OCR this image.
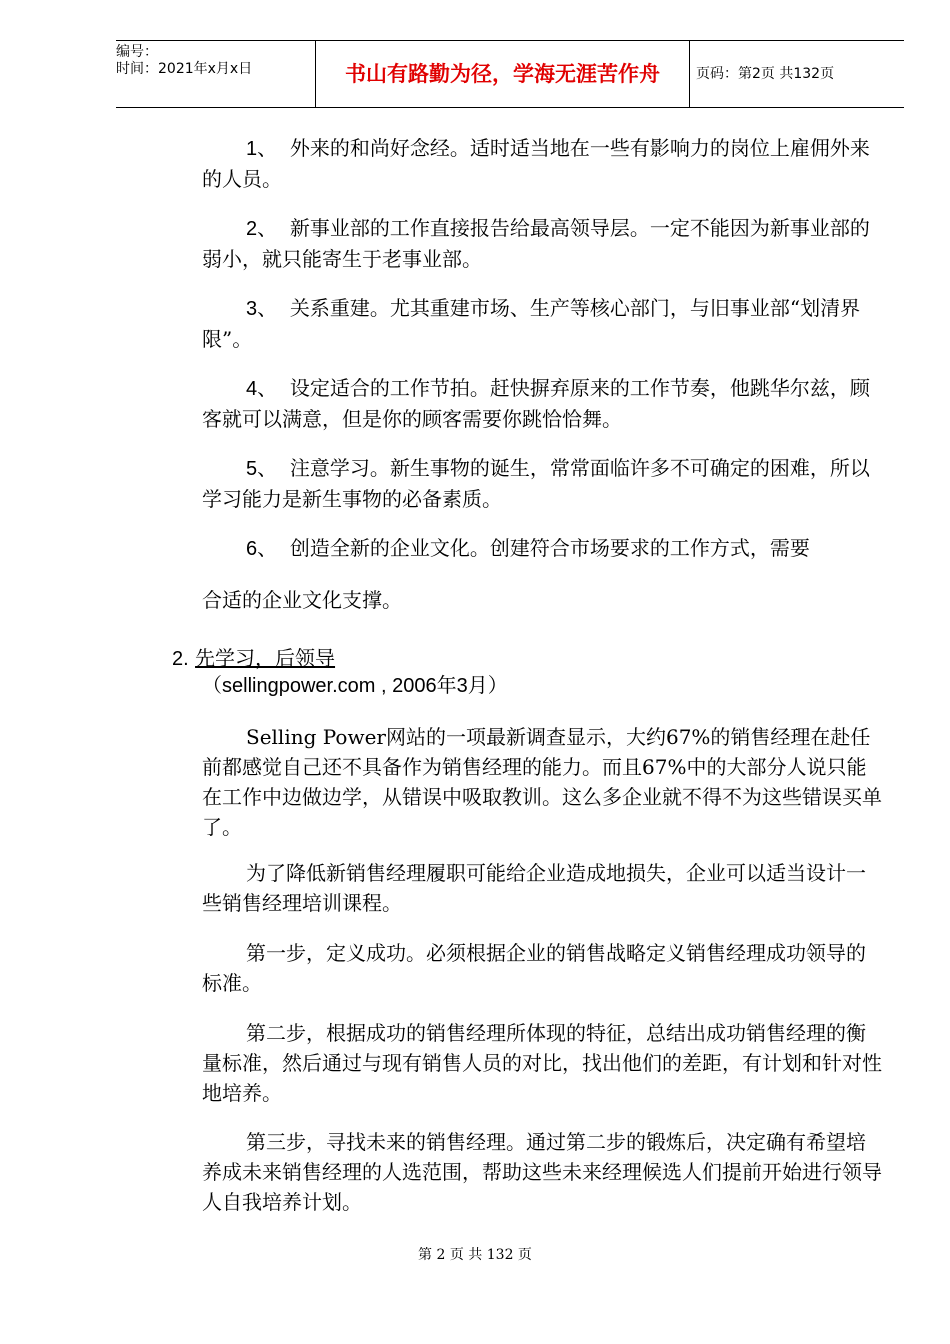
编号：
时间：2021年x月x日	书山有路勤为径，学海无涯苦作舟	页码：第2页 共132页

1、 外来的和尚好念经。适时适当地在一些有影响力的岗位上雇佣外来的人员。

2、 新事业部的工作直接报告给最高领导层。一定不能因为新事业部的弱小，就只能寄生于老事业部。

3、 关系重建。尤其重建市场、生产等核心部门，与旧事业部“划清界限”。

4、 设定适合的工作节拍。赶快摒弃原来的工作节奏，他跳华尔兹，顾客就可以满意，但是你的顾客需要你跳恰恰舞。

5、 注意学习。新生事物的诞生，常常面临许多不可确定的困难，所以学习能力是新生事物的必备素质。

6、 创造全新的企业文化。创建符合市场要求的工作方式，需要

合适的企业文化支撑。

2. 先学习，后领导
（sellingpower.com , 2006年3月）

Selling Power网站的一项最新调查显示，大约67%的销售经理在赴任前都感觉自己还不具备作为销售经理的能力。而且67%中的大部分人说只能在工作中边做边学，从错误中吸取教训。这么多企业就不得不为这些错误买单了。

为了降低新销售经理履职可能给企业造成地损失，企业可以适当设计一些销售经理培训课程。

第一步，定义成功。必须根据企业的销售战略定义销售经理成功领导的标准。

第二步，根据成功的销售经理所体现的特征，总结出成功销售经理的衡量标准，然后通过与现有销售人员的对比，找出他们的差距，有计划和针对性地培养。

第三步，寻找未来的销售经理。通过第二步的锻炼后，决定确有希望培养成未来销售经理的人选范围，帮助这些未来经理候选人们提前开始进行领导人自我培养计划。

第 2 页 共 132 页
